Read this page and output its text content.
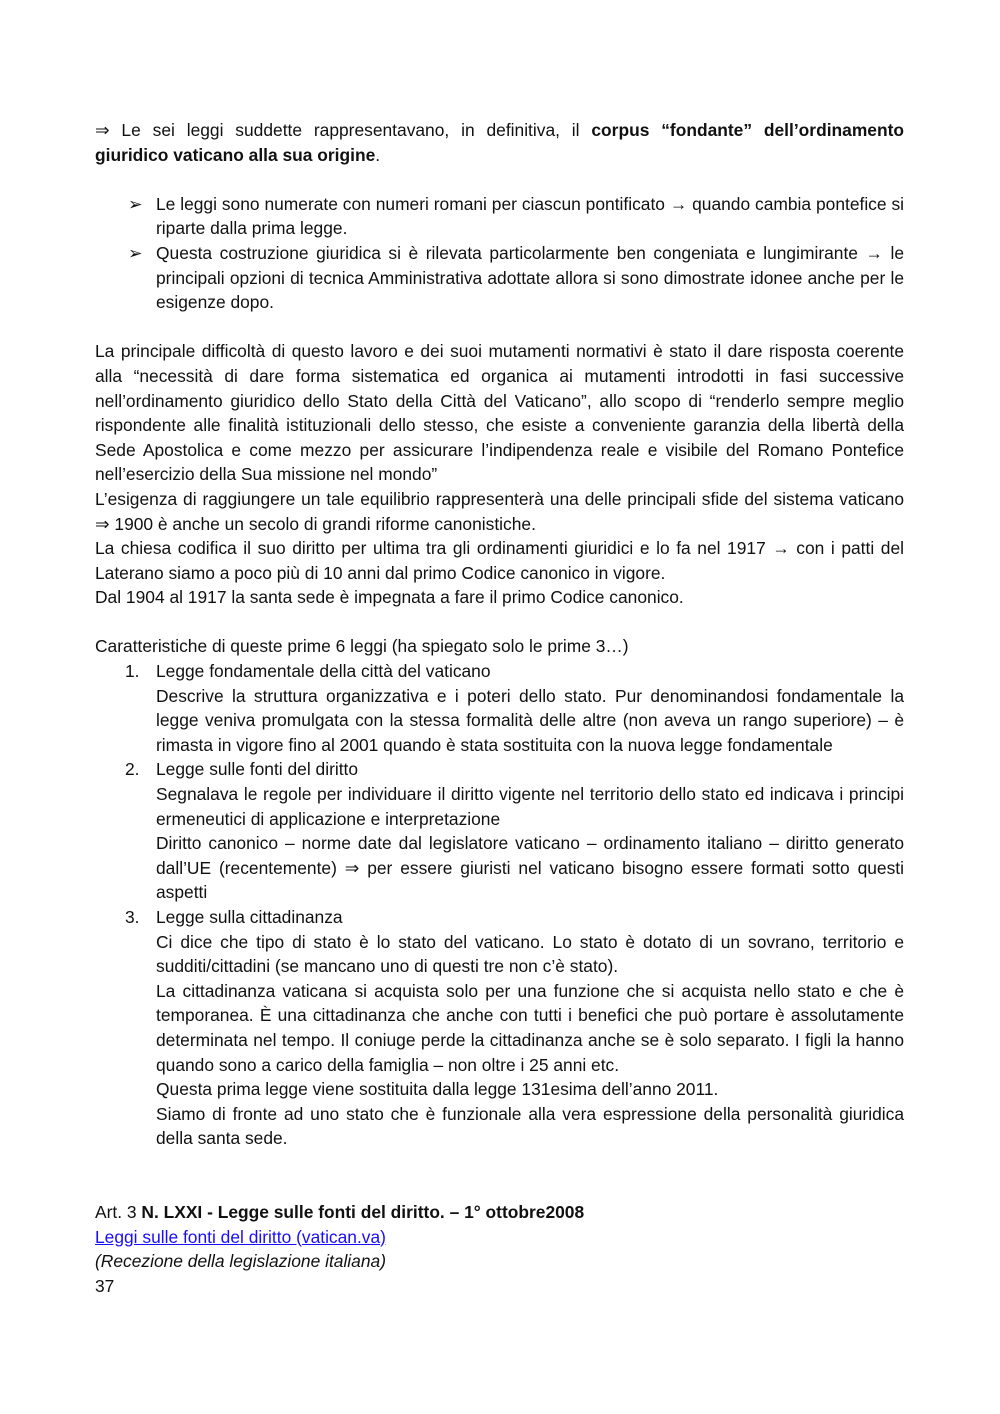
⇒ Le sei leggi suddette rappresentavano, in definitiva, il corpus “fondante” dell’ordinamento giuridico vaticano alla sua origine.

➢ Le leggi sono numerate con numeri romani per ciascun pontificato → quando cambia pontefice si riparte dalla prima legge.
➢ Questa costruzione giuridica si è rilevata particolarmente ben congeniata e lungimirante → le principali opzioni di tecnica Amministrativa adottate allora si sono dimostrate idonee anche per le esigenze dopo.

La principale difficoltà di questo lavoro e dei suoi mutamenti normativi è stato il dare risposta coerente alla “necessità di dare forma sistematica ed organica ai mutamenti introdotti in fasi successive nell’ordinamento giuridico dello Stato della Città del Vaticano”, allo scopo di “renderlo sempre meglio rispondente alle finalità istituzionali dello stesso, che esiste a conveniente garanzia della libertà della Sede Apostolica e come mezzo per assicurare l’indipendenza reale e visibile del Romano Pontefice nell’esercizio della Sua missione nel mondo”

L’esigenza di raggiungere un tale equilibrio rappresenterà una delle principali sfide del sistema vaticano ⇒ 1900 è anche un secolo di grandi riforme canonistiche.

La chiesa codifica il suo diritto per ultima tra gli ordinamenti giuridici e lo fa nel 1917 → con i patti del Laterano siamo a poco più di 10 anni dal primo Codice canonico in vigore.

Dal 1904 al 1917 la santa sede è impegnata a fare il primo Codice canonico.

Caratteristiche di queste prime 6 leggi (ha spiegato solo le prime 3…)

1. Legge fondamentale della città del vaticano

Descrive la struttura organizzativa e i poteri dello stato. Pur denominandosi fondamentale la legge veniva promulgata con la stessa formalità delle altre (non aveva un rango superiore) – è rimasta in vigore fino al 2001 quando è stata sostituita con la nuova legge fondamentale

2. Legge sulle fonti del diritto

Segnalava le regole per individuare il diritto vigente nel territorio dello stato ed indicava i principi ermeneutici di applicazione e interpretazione

Diritto canonico – norme date dal legislatore vaticano – ordinamento italiano – diritto generato dall’UE (recentemente) ⇒ per essere giuristi nel vaticano bisogno essere formati sotto questi aspetti

3. Legge sulla cittadinanza

Ci dice che tipo di stato è lo stato del vaticano. Lo stato è dotato di un sovrano, territorio e sudditi/cittadini (se mancano uno di questi tre non c’è stato).

La cittadinanza vaticana si acquista solo per una funzione che si acquista nello stato e che è temporanea. È una cittadinanza che anche con tutti i benefici che può portare è assolutamente determinata nel tempo. Il coniuge perde la cittadinanza anche se è solo separato. I figli la hanno quando sono a carico della famiglia – non oltre i 25 anni etc.

Questa prima legge viene sostituita dalla legge 131esima dell’anno 2011.

Siamo di fronte ad uno stato che è funzionale alla vera espressione della personalità giuridica della santa sede.

Art. 3 N. LXXI - Legge sulle fonti del diritto. – 1° ottobre2008

Leggi sulle fonti del diritto (vatican.va)

(Recezione della legislazione italiana)

37
